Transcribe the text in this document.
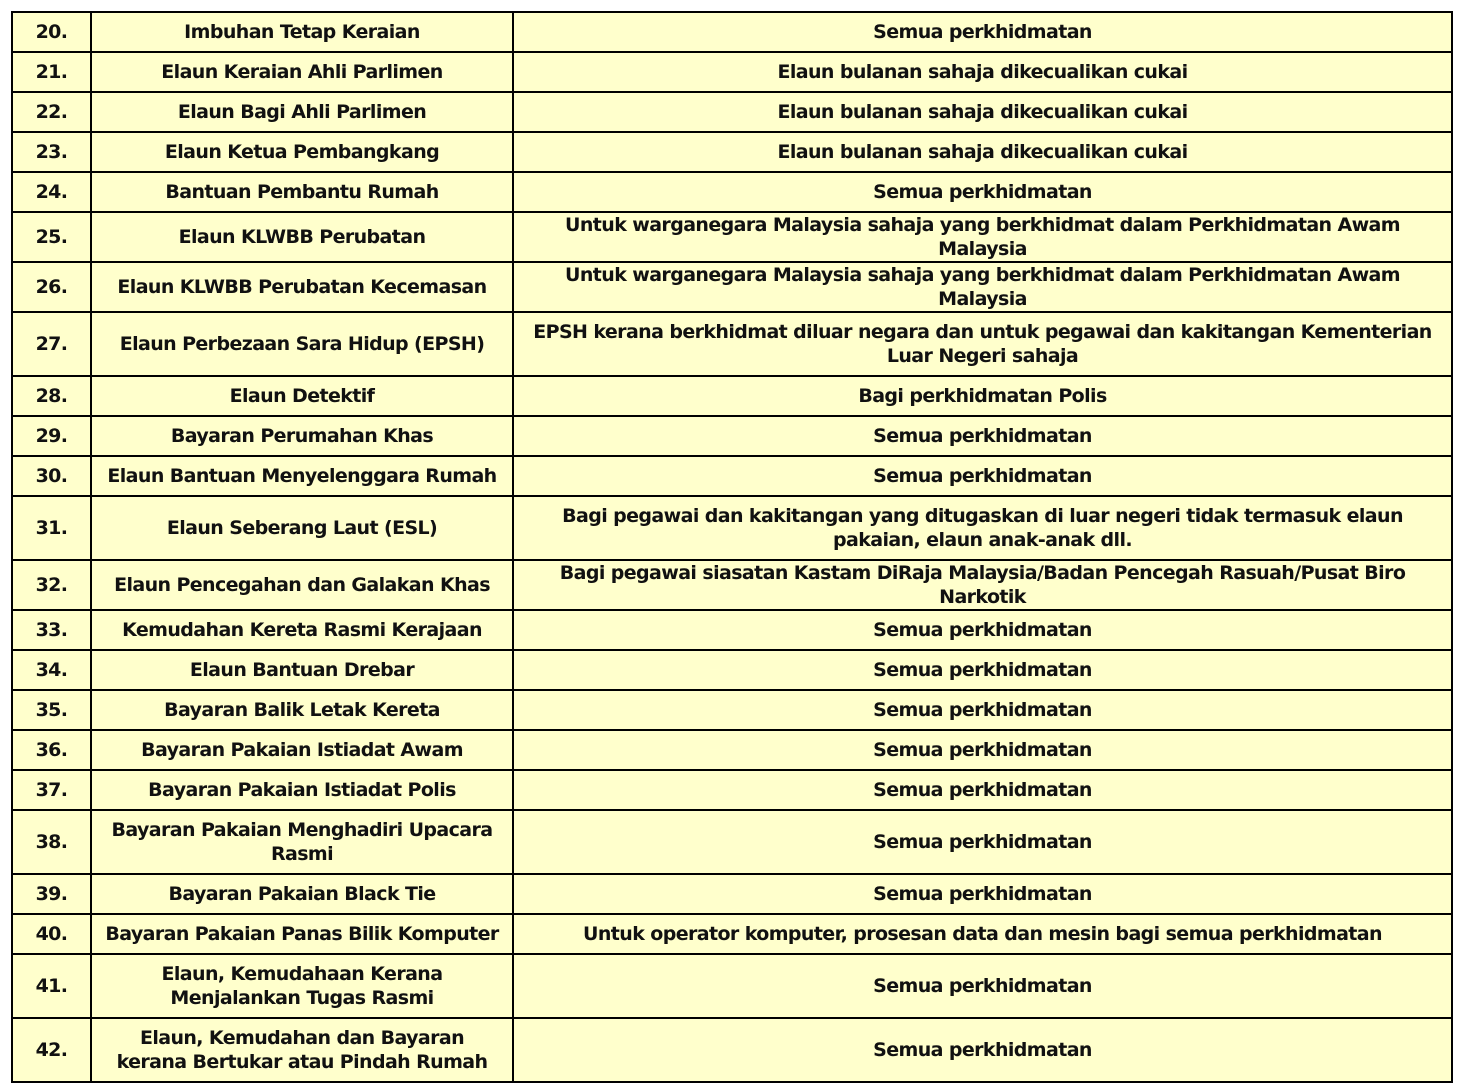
20.	Imbuhan Tetap Keraian	Semua perkhidmatan
21.	Elaun Keraian Ahli Parlimen	Elaun bulanan sahaja dikecualikan cukai
22.	Elaun Bagi Ahli Parlimen	Elaun bulanan sahaja dikecualikan cukai
23.	Elaun Ketua Pembangkang	Elaun bulanan sahaja dikecualikan cukai
24.	Bantuan Pembantu Rumah	Semua perkhidmatan
25.	Elaun KLWBB Perubatan	Untuk warganegara Malaysia sahaja yang berkhidmat dalam Perkhidmatan Awam Malaysia
26.	Elaun KLWBB Perubatan Kecemasan	Untuk warganegara Malaysia sahaja yang berkhidmat dalam Perkhidmatan Awam Malaysia
27.	Elaun Perbezaan Sara Hidup (EPSH)	EPSH kerana berkhidmat diluar negara dan untuk pegawai dan kakitangan Kementerian Luar Negeri sahaja
28.	Elaun Detektif	Bagi perkhidmatan Polis
29.	Bayaran Perumahan Khas	Semua perkhidmatan
30.	Elaun Bantuan Menyelenggara Rumah	Semua perkhidmatan
31.	Elaun Seberang Laut (ESL)	Bagi pegawai dan kakitangan yang ditugaskan di luar negeri tidak termasuk elaun pakaian, elaun anak-anak dll.
32.	Elaun Pencegahan dan Galakan Khas	Bagi pegawai siasatan Kastam DiRaja Malaysia/Badan Pencegah Rasuah/Pusat Biro Narkotik
33.	Kemudahan Kereta Rasmi Kerajaan	Semua perkhidmatan
34.	Elaun Bantuan Drebar	Semua perkhidmatan
35.	Bayaran Balik Letak Kereta	Semua perkhidmatan
36.	Bayaran Pakaian Istiadat Awam	Semua perkhidmatan
37.	Bayaran Pakaian Istiadat Polis	Semua perkhidmatan
38.	Bayaran Pakaian Menghadiri Upacara Rasmi	Semua perkhidmatan
39.	Bayaran Pakaian Black Tie	Semua perkhidmatan
40.	Bayaran Pakaian Panas Bilik Komputer	Untuk operator komputer, prosesan data dan mesin bagi semua perkhidmatan
41.	Elaun, Kemudahaan Kerana Menjalankan Tugas Rasmi	Semua perkhidmatan
42.	Elaun, Kemudahan dan Bayaran kerana Bertukar atau Pindah Rumah	Semua perkhidmatan
